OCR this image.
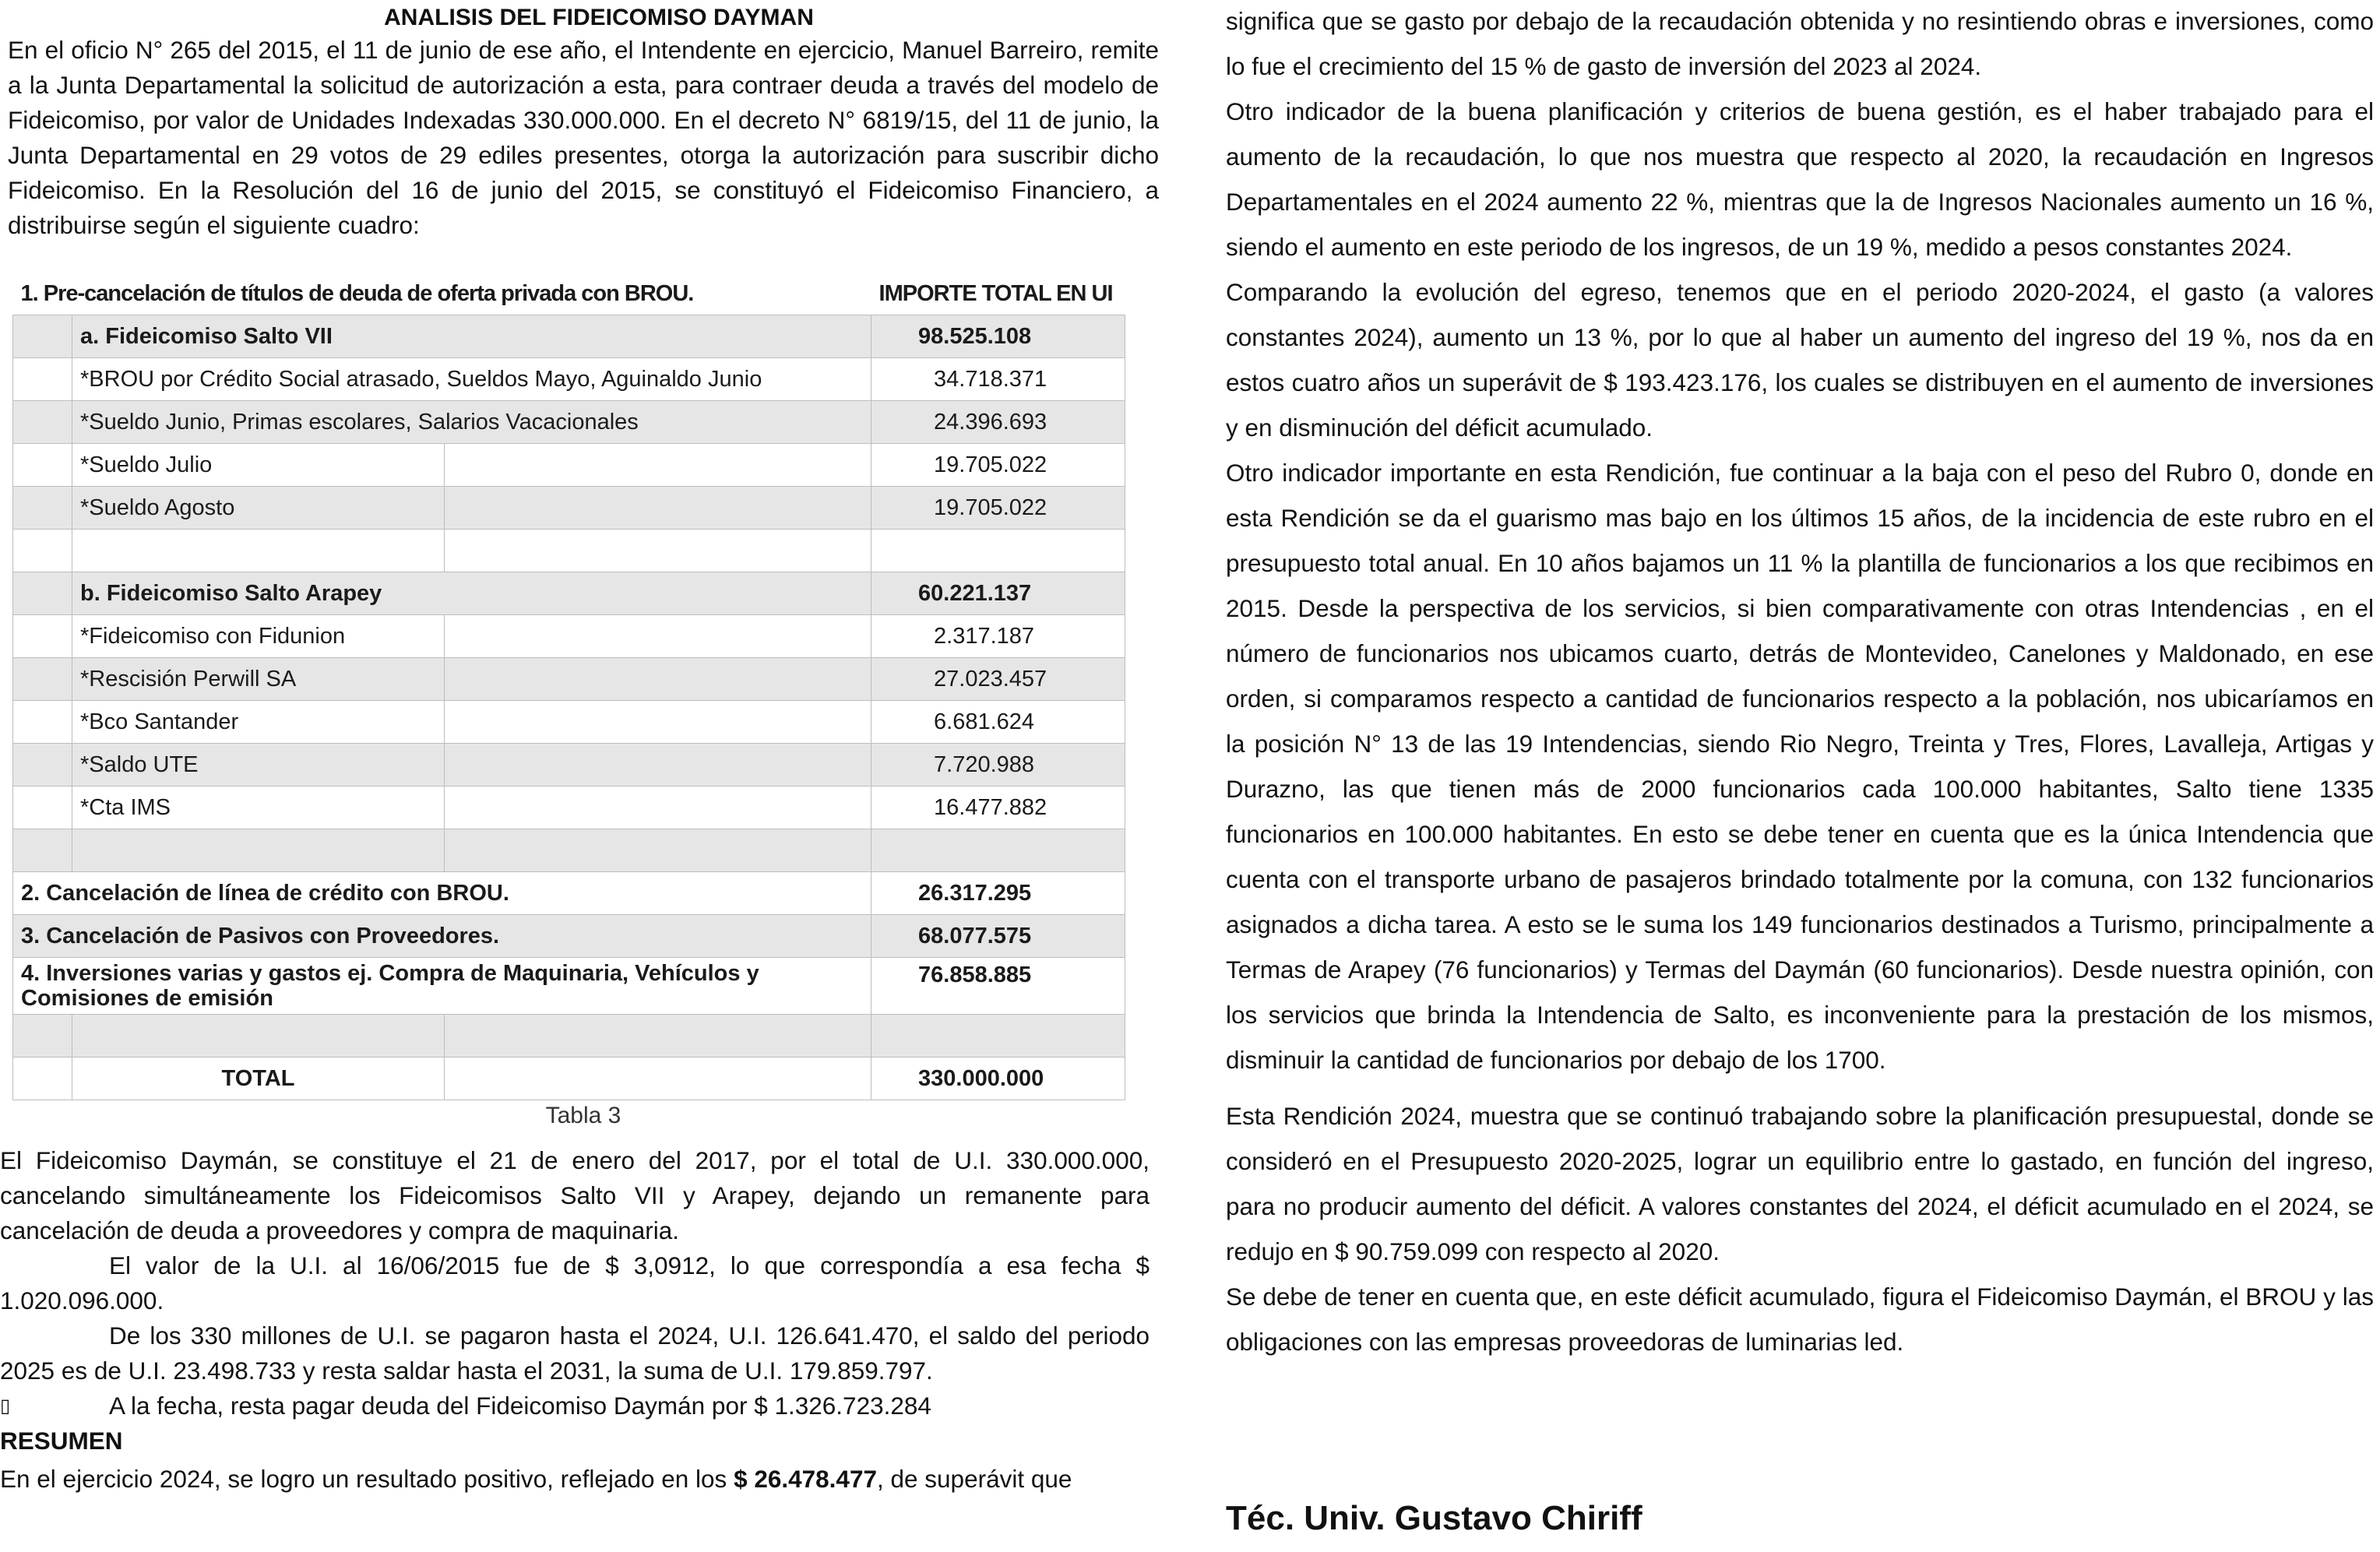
ANALISIS DEL FIDEICOMISO DAYMAN

En el oficio N° 265 del 2015, el 11 de junio de ese año, el Intendente en ejercicio, Manuel Barreiro, remite a la Junta Departamental la solicitud de autorización a esta, para contraer deuda a través del modelo de Fideicomiso, por valor de Unidades Indexadas 330.000.000. En el decreto N° 6819/15, del 11 de junio, la Junta Departamental en 29 votos de 29 ediles presentes, otorga la autorización para suscribir dicho Fideicomiso. En la Resolución del 16 de junio del 2015, se constituyó el Fideicomiso Financiero, a distribuirse según el siguiente cuadro:

1. Pre-cancelación de títulos de deuda de oferta privada con BROU.			IMPORTE TOTAL EN UI
	a. Fideicomiso Salto VII		98.525.108
	*BROU por Crédito Social atrasado, Sueldos Mayo, Aguinaldo Junio		34.718.371
	*Sueldo Junio, Primas escolares, Salarios Vacacionales		24.396.693
	*Sueldo Julio		19.705.022
	*Sueldo Agosto		19.705.022

	b. Fideicomiso Salto Arapey		60.221.137
	*Fideicomiso con Fidunion		2.317.187
	*Rescisión Perwill SA		27.023.457
	*Bco Santander		6.681.624
	*Saldo UTE		7.720.988
	*Cta IMS		16.477.882

2. Cancelación de línea de crédito con BROU.			26.317.295
3. Cancelación de Pasivos con Proveedores.			68.077.575
4. Inversiones varias y gastos ej. Compra de Maquinaria, Vehículos y Comisiones de emisión			76.858.885

	TOTAL		330.000.000
Tabla 3

El Fideicomiso Daymán, se constituye el 21 de enero del 2017, por el total de U.I. 330.000.000, cancelando simultáneamente los Fideicomisos Salto VII y Arapey, dejando un remanente para cancelación de deuda a proveedores y compra de maquinaria.

El valor de la U.I. al 16/06/2015 fue de $ 3,0912, lo que correspondía a esa fecha $ 1.020.096.000.

De los 330 millones de U.I. se pagaron hasta el 2024, U.I. 126.641.470, el saldo del periodo 2025 es de U.I. 23.498.733 y resta saldar hasta el 2031, la suma de U.I. 179.859.797.

▯	A la fecha, resta pagar deuda del Fideicomiso Daymán por $ 1.326.723.284

RESUMEN

En el ejercicio 2024, se logro un resultado positivo, reflejado en los $ 26.478.477, de superávit que

significa que se gasto por debajo de la recaudación obtenida y no resintiendo obras e inversiones, como lo fue el crecimiento del 15 % de gasto de inversión del 2023 al 2024.

Otro indicador de la buena planificación y criterios de buena gestión, es el haber trabajado para el aumento de la recaudación, lo que nos muestra que respecto al 2020, la recaudación en Ingresos Departamentales en el 2024 aumento 22 %, mientras que la de Ingresos Nacionales aumento un 16 %, siendo el aumento en este periodo de los ingresos, de un 19 %, medido a pesos constantes 2024.

Comparando la evolución del egreso, tenemos que en el periodo 2020-2024, el gasto (a valores constantes 2024), aumento un 13 %, por lo que al haber un aumento del ingreso del 19 %, nos da en estos cuatro años un superávit de $ 193.423.176, los cuales se distribuyen en el aumento de inversiones y en disminución del déficit acumulado.

Otro indicador importante en esta Rendición, fue continuar a la baja con el peso del Rubro 0, donde en esta Rendición se da el guarismo mas bajo en los últimos 15 años, de la incidencia de este rubro en el presupuesto total anual. En 10 años bajamos un 11 % la plantilla de funcionarios a los que recibimos en 2015. Desde la perspectiva de los servicios, si bien comparativamente con otras Intendencias , en el número de funcionarios nos ubicamos cuarto, detrás de Montevideo, Canelones y Maldonado, en ese orden, si comparamos respecto a cantidad de funcionarios respecto a la población, nos ubicaríamos en la posición N° 13 de las 19 Intendencias, siendo Rio Negro, Treinta y Tres, Flores, Lavalleja, Artigas y Durazno, las que tienen más de 2000 funcionarios cada 100.000 habitantes, Salto tiene 1335 funcionarios en 100.000 habitantes. En esto se debe tener en cuenta que es la única Intendencia que cuenta con el transporte urbano de pasajeros brindado totalmente por la comuna, con 132 funcionarios asignados a dicha tarea. A esto se le suma los 149 funcionarios destinados a Turismo, principalmente a Termas de Arapey (76 funcionarios) y Termas del Daymán (60 funcionarios). Desde nuestra opinión, con los servicios que brinda la Intendencia de Salto, es inconveniente para la prestación de los mismos, disminuir la cantidad de funcionarios por debajo de los 1700.

Esta Rendición 2024, muestra que se continuó trabajando sobre la planificación presupuestal, donde se consideró en el Presupuesto 2020-2025, lograr un equilibrio entre lo gastado, en función del ingreso, para no producir aumento del déficit. A valores constantes del 2024, el déficit acumulado en el 2024, se redujo en $ 90.759.099 con respecto al 2020.

Se debe de tener en cuenta que, en este déficit acumulado, figura el Fideicomiso Daymán, el BROU y las obligaciones con las empresas proveedoras de luminarias led.

Téc. Univ. Gustavo Chiriff
